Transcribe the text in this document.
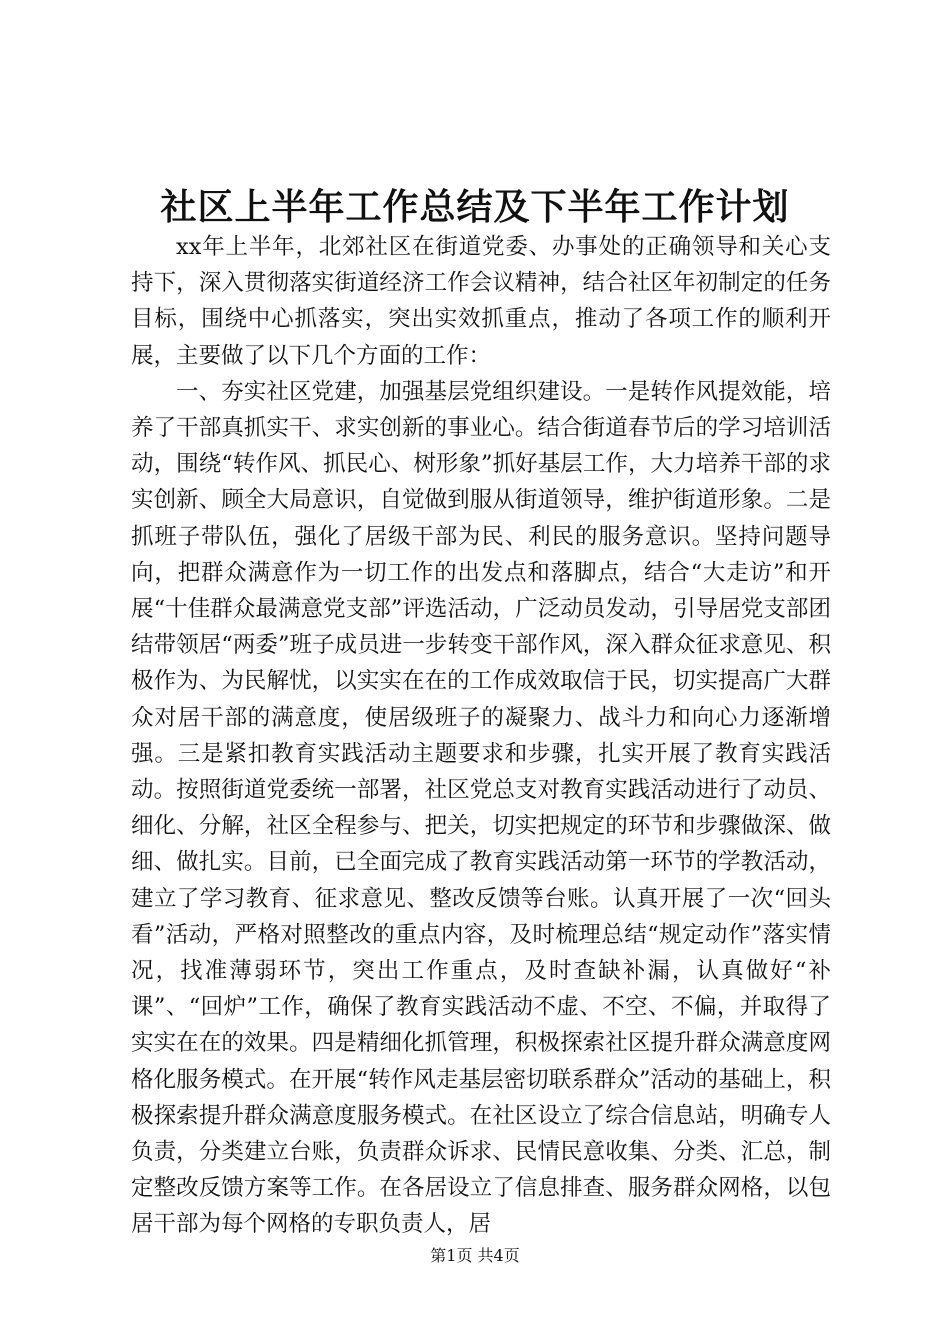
社区上半年工作总结及下半年工作计划

xx年上半年，北郊社区在街道党委、办事处的正确领导和关心支持下，深入贯彻落实街道经济工作会议精神，结合社区年初制定的任务目标，围绕中心抓落实，突出实效抓重点，推动了各项工作的顺利开展，主要做了以下几个方面的工作：

一、夯实社区党建，加强基层党组织建设。一是转作风提效能，培养了干部真抓实干、求实创新的事业心。结合街道春节后的学习培训活动，围绕“转作风、抓民心、树形象”抓好基层工作，大力培养干部的求实创新、顾全大局意识，自觉做到服从街道领导，维护街道形象。二是抓班子带队伍，强化了居级干部为民、利民的服务意识。坚持问题导向，把群众满意作为一切工作的出发点和落脚点，结合“大走访”和开展“十佳群众最满意党支部”评选活动，广泛动员发动，引导居党支部团结带领居“两委”班子成员进一步转变干部作风，深入群众征求意见、积极作为、为民解忧，以实实在在的工作成效取信于民，切实提高广大群众对居干部的满意度，使居级班子的凝聚力、战斗力和向心力逐渐增强。三是紧扣教育实践活动主题要求和步骤，扎实开展了教育实践活动。按照街道党委统一部署，社区党总支对教育实践活动进行了动员、细化、分解，社区全程参与、把关，切实把规定的环节和步骤做深、做细、做扎实。目前，已全面完成了教育实践活动第一环节的学教活动，建立了学习教育、征求意见、整改反馈等台账。认真开展了一次“回头看”活动，严格对照整改的重点内容，及时梳理总结“规定动作”落实情况，找准薄弱环节，突出工作重点，及时查缺补漏，认真做好“补课”、“回炉”工作，确保了教育实践活动不虚、不空、不偏，并取得了实实在在的效果。四是精细化抓管理，积极探索社区提升群众满意度网格化服务模式。在开展“转作风走基层密切联系群众”活动的基础上，积极探索提升群众满意度服务模式。在社区设立了综合信息站，明确专人负责，分类建立台账，负责群众诉求、民情民意收集、分类、汇总，制定整改反馈方案等工作。在各居设立了信息排查、服务群众网格，以包居干部为每个网格的专职负责人，居

第1页 共4页
